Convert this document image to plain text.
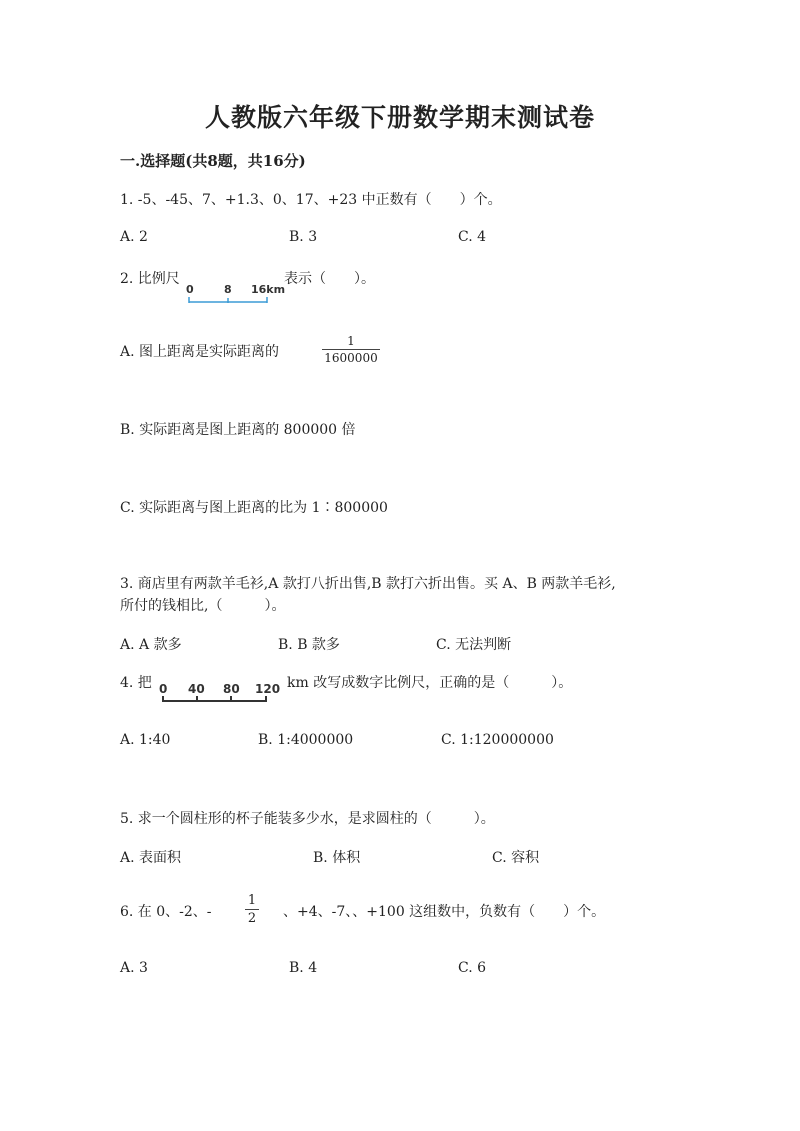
人教版六年级下册数学期末测试卷
一.选择题(共8题，共16分)
1. -5、-45、7、+1.3、0、17、+23 中正数有（　　）个。
A. 2	B. 3	C. 4
2. 比例尺
0	8 16km
表示（　　）。
A. 图上距离是实际距离的
1
1600000
B. 实际距离是图上距离的 800000 倍
C. 实际距离与图上距离的比为 1∶800000
3. 商店里有两款羊毛衫,A 款打八折出售,B 款打六折出售。买 A、B 两款羊毛衫,
所付的钱相比,（　　　）。
A. A 款多	B. B 款多	C. 无法判断
4. 把 0 40 80 120 km 改写成数字比例尺，正确的是（　　　）。
A. 1:40	B. 1:4000000	C. 1:120000000
5. 求一个圆柱形的杯子能装多少水，是求圆柱的（　　　）。
A. 表面积	B. 体积	C. 容积
6. 在 0、-2、-
1
2 、+4、-7、、+100 这组数中，负数有（　　）个。
A. 3	B. 4	C. 6
